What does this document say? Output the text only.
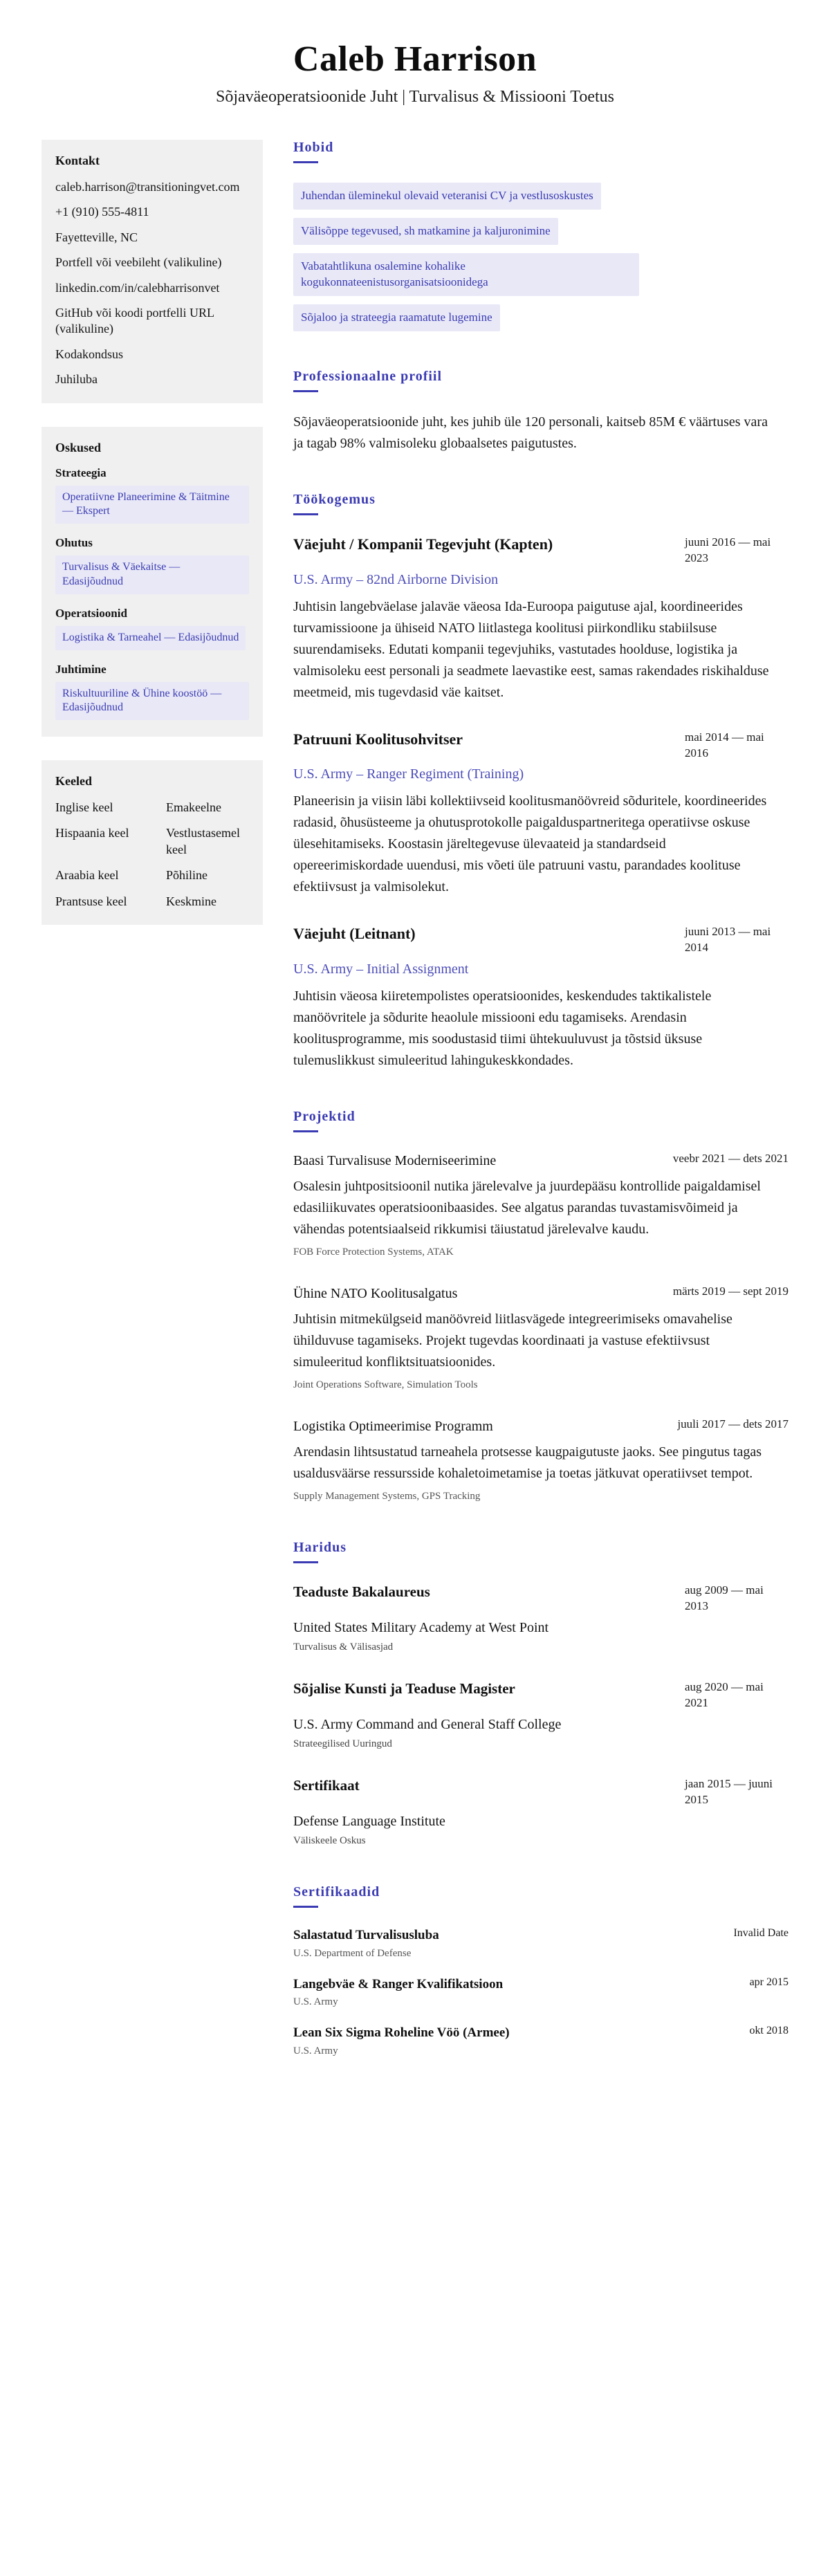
Caleb Harrison

Sõjaväeoperatsioonide Juht | Turvalisus & Missiooni Toetus

Kontakt
caleb.harrison@transitioningvet.com
+1 (910) 555-4811
Fayetteville, NC
Portfell või veebileht (valikuline)
linkedin.com/in/calebharrisonvet
GitHub või koodi portfelli URL (valikuline)
Kodakondsus
Juhiluba
Oskused
Strateegia
Operatiivne Planeerimine & Täitmine — Ekspert
Ohutus
Turvalisus & Väekaitse — Edasijõudnud
Operatsioonid
Logistika & Tarneahel — Edasijõudnud
Juhtimine
Riskultuuriline & Ühine koostöö — Edasijõudnud
Keeled
Inglise keel	Emakeelne
Hispaania keel	Vestlustasemel keel
Araabia keel	Põhiline
Prantsuse keel	Keskmine
Hobid
Juhendan üleminekul olevaid veteranisi CV ja vestlusoskustes
Välisõppe tegevused, sh matkamine ja kaljuronimine
Vabatahtlikuna osalemine kohalike kogukonnateenistusorganisatsioonidega
Sõjaloo ja strateegia raamatute lugemine
Professionaalne profiil

Sõjaväeoperatsioonide juht, kes juhib üle 120 personali, kaitseb 85M € väärtuses vara ja tagab 98% valmisoleku globaalsetes paigutustes.

Töökogemus
Väejuht / Kompanii Tegevjuht (Kapten)	juuni 2016 — mai 2023
U.S. Army – 82nd Airborne Division

Juhtisin langebväelase jalaväe väeosa Ida-Euroopa paigutuse ajal, koordineerides turvamissioone ja ühiseid NATO liitlastega koolitusi piirkondliku stabiilsuse suurendamiseks. Edutati kompanii tegevjuhiks, vastutades hoolduse, logistika ja valmisoleku eest personali ja seadmete laevastike eest, samas rakendades riskihalduse meetmeid, mis tugevdasid väe kaitset.

Patruuni Koolitusohvitser	mai 2014 — mai 2016
U.S. Army – Ranger Regiment (Training)

Planeerisin ja viisin läbi kollektiivseid koolitusmanöövreid sõduritele, koordineerides radasid, õhusüsteeme ja ohutusprotokolle paigalduspartneritega operatiivse oskuse ülesehitamiseks. Koostasin järeltegevuse ülevaateid ja standardseid opereerimiskordade uuendusi, mis võeti üle patruuni vastu, parandades koolituse efektiivsust ja valmisolekut.

Väejuht (Leitnant)	juuni 2013 — mai 2014
U.S. Army – Initial Assignment

Juhtisin väeosa kiiretempolistes operatsioonides, keskendudes taktikalistele manöövritele ja sõdurite heaolule missiooni edu tagamiseks. Arendasin koolitusprogramme, mis soodustasid tiimi ühtekuuluvust ja tõstsid üksuse tulemuslikkust simuleeritud lahingukeskkondades.

Projektid
Baasi Turvalisuse Moderniseerimine	veebr 2021 — dets 2021

Osalesin juhtpositsioonil nutika järelevalve ja juurdepääsu kontrollide paigaldamisel edasiliikuvates operatsioonibaasides. See algatus parandas tuvastamisvõimeid ja vähendas potentsiaalseid rikkumisi täiustatud järelevalve kaudu.

FOB Force Protection Systems, ATAK
Ühine NATO Koolitusalgatus	märts 2019 — sept 2019

Juhtisin mitmekülgseid manöövreid liitlasvägede integreerimiseks omavahelise ühilduvuse tagamiseks. Projekt tugevdas koordinaati ja vastuse efektiivsust simuleeritud konfliktsituatsioonides.

Joint Operations Software, Simulation Tools
Logistika Optimeerimise Programm	juuli 2017 — dets 2017

Arendasin lihtsustatud tarneahela protsesse kaugpaigutuste jaoks. See pingutus tagas usaldusväärse ressursside kohaletoimetamise ja toetas jätkuvat operatiivset tempot.

Supply Management Systems, GPS Tracking
Haridus
Teaduste Bakalaureus	aug 2009 — mai 2013
United States Military Academy at West Point
Turvalisus & Välisasjad
Sõjalise Kunsti ja Teaduse Magister	aug 2020 — mai 2021
U.S. Army Command and General Staff College
Strateegilised Uuringud
Sertifikaat	jaan 2015 — juuni 2015
Defense Language Institute
Väliskeele Oskus
Sertifikaadid
Salastatud Turvalisusluba	Invalid Date
U.S. Department of Defense
Langebväe & Ranger Kvalifikatsioon	apr 2015
U.S. Army
Lean Six Sigma Roheline Vöö (Armee)	okt 2018
U.S. Army
